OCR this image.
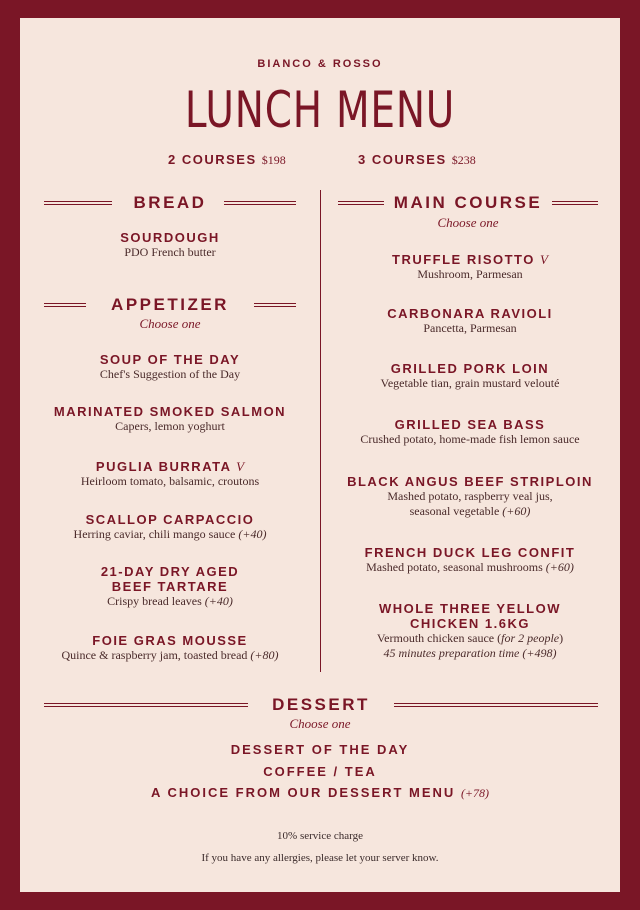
BIANCO & ROSSO
LUNCH MENU
2 COURSES $198	3 COURSES $238
BREAD
SOURDOUGH
PDO French butter
APPETIZER
Choose one
SOUP OF THE DAY
Chef's Suggestion of the Day
MARINATED SMOKED SALMON
Capers, lemon yoghurt
PUGLIA BURRATA V
Heirloom tomato, balsamic, croutons
SCALLOP CARPACCIO
Herring caviar, chili mango sauce (+40)
21-DAY DRY AGED
BEEF TARTARE
Crispy bread leaves (+40)
FOIE GRAS MOUSSE
Quince & raspberry jam, toasted bread (+80)
MAIN COURSE
Choose one
TRUFFLE RISOTTO V
Mushroom, Parmesan
CARBONARA RAVIOLI
Pancetta, Parmesan
GRILLED PORK LOIN
Vegetable tian, grain mustard velouté
GRILLED SEA BASS
Crushed potato, home-made fish lemon sauce
BLACK ANGUS BEEF STRIPLOIN
Mashed potato, raspberry veal jus,
seasonal vegetable (+60)
FRENCH DUCK LEG CONFIT
Mashed potato, seasonal mushrooms (+60)
WHOLE THREE YELLOW
CHICKEN 1.6KG
Vermouth chicken sauce (for 2 people)
45 minutes preparation time (+498)
DESSERT
Choose one
DESSERT OF THE DAY
COFFEE / TEA
A CHOICE FROM OUR DESSERT MENU (+78)
10% service charge
If you have any allergies, please let your server know.
